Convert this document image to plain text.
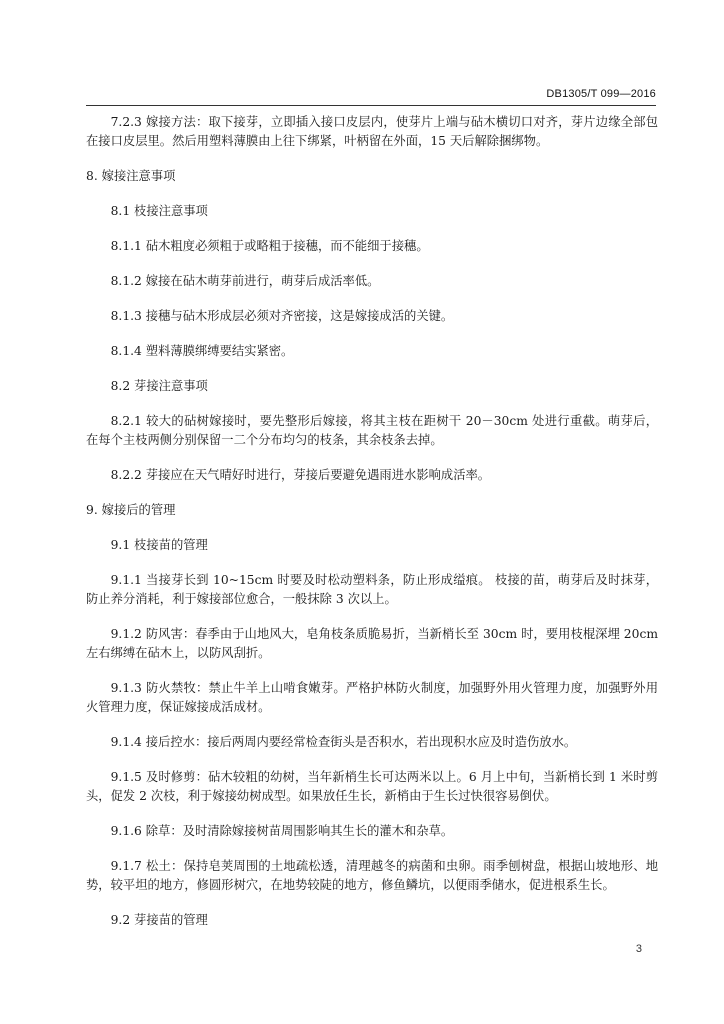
DB1305/T 099—2016

7.2.3 嫁接方法：取下接芽，立即插入接口皮层内，使芽片上端与砧木横切口对齐，芽片边缘全部包在接口皮层里。然后用塑料薄膜由上往下绑紧，叶柄留在外面，15 天后解除捆绑物。

8. 嫁接注意事项

8.1 枝接注意事项

8.1.1 砧木粗度必须粗于或略粗于接穗，而不能细于接穗。

8.1.2 嫁接在砧木萌芽前进行，萌芽后成活率低。

8.1.3 接穗与砧木形成层必须对齐密接，这是嫁接成活的关键。

8.1.4 塑料薄膜绑缚要结实紧密。

8.2 芽接注意事项

8.2.1 较大的砧树嫁接时，要先整形后嫁接，将其主枝在距树干 20－30cm 处进行重截。萌芽后，在每个主枝两侧分别保留一二个分布均匀的枝条，其余枝条去掉。

8.2.2 芽接应在天气晴好时进行，芽接后要避免遇雨进水影响成活率。

9. 嫁接后的管理

9.1 枝接苗的管理

9.1.1 当接芽长到 10~15cm 时要及时松动塑料条，防止形成缢痕。 枝接的苗，萌芽后及时抹芽，防止养分消耗，利于嫁接部位愈合，一般抹除 3 次以上。

9.1.2 防风害：春季由于山地风大，皂角枝条质脆易折，当新梢长至 30cm 时，要用枝棍深埋 20cm 左右绑缚在砧木上，以防风刮折。

9.1.3 防火禁牧：禁止牛羊上山啃食嫩芽。严格护林防火制度，加强野外用火管理力度，加强野外用火管理力度，保证嫁接成活成材。

9.1.4 接后控水：接后两周内要经常检查街头是否积水，若出现积水应及时造伤放水。

9.1.5 及时修剪：砧木较粗的幼树，当年新梢生长可达两米以上。6 月上中旬，当新梢长到 1 米时剪头，促发 2 次枝，利于嫁接幼树成型。如果放任生长，新梢由于生长过快很容易倒伏。

9.1.6 除草：及时清除嫁接树苗周围影响其生长的灌木和杂草。

9.1.7 松土：保持皂荚周围的土地疏松透，清理越冬的病菌和虫卵。雨季刨树盘，根据山坡地形、地势，较平坦的地方，修圆形树穴，在地势较陡的地方，修鱼鳞坑，以便雨季储水，促进根系生长。

9.2 芽接苗的管理

3
